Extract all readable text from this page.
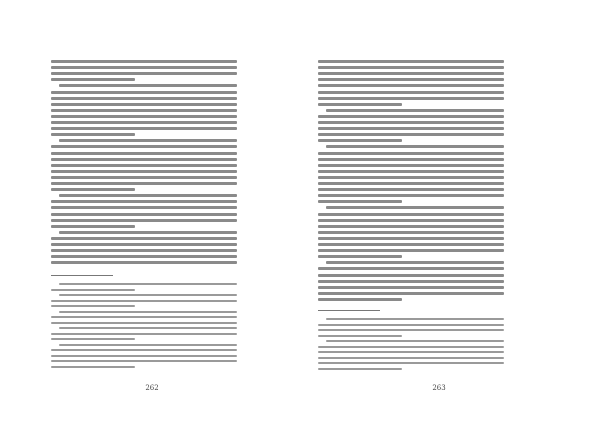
262	263
